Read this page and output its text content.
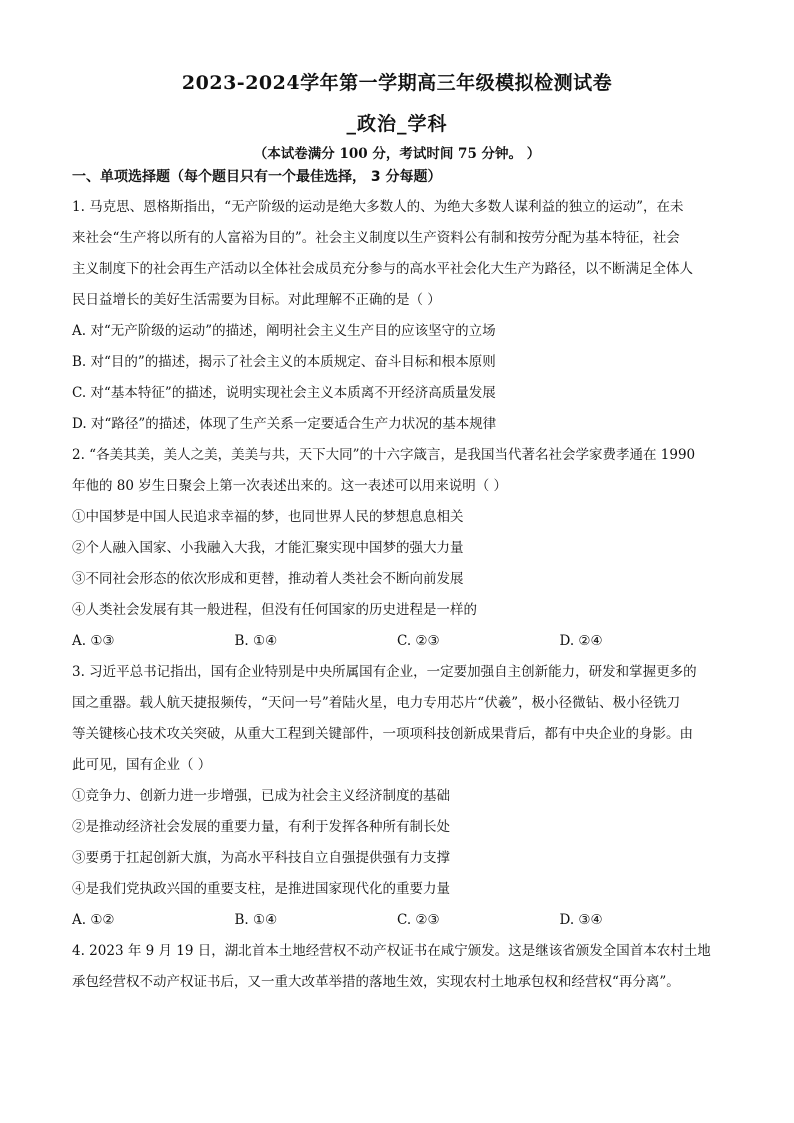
2023-2024学年第一学期高三年级模拟检测试卷
_政治_学科
（本试卷满分 100 分，考试时间 75 分钟。 ）
一、单项选择题（每个题目只有一个最佳选择， 3 分每题）

1. 马克思、恩格斯指出，“无产阶级的运动是绝大多数人的、为绝大多数人谋利益的独立的运动”，在未

来社会“生产将以所有的人富裕为目的”。社会主义制度以生产资料公有制和按劳分配为基本特征，社会

主义制度下的社会再生产活动以全体社会成员充分参与的高水平社会化大生产为路径，以不断满足全体人

民日益增长的美好生活需要为目标。对此理解不正确的是（ ）

A. 对“无产阶级的运动”的描述，阐明社会主义生产目的应该坚守的立场

B. 对“目的”的描述，揭示了社会主义的本质规定、奋斗目标和根本原则

C. 对“基本特征”的描述，说明实现社会主义本质离不开经济高质量发展

D. 对“路径”的描述，体现了生产关系一定要适合生产力状况的基本规律

2. “各美其美，美人之美，美美与共，天下大同”的十六字箴言，是我国当代著名社会学家费孝通在 1990

年他的 80 岁生日聚会上第一次表述出来的。这一表述可以用来说明（ ）

①中国梦是中国人民追求幸福的梦，也同世界人民的梦想息息相关

②个人融入国家、小我融入大我，才能汇聚实现中国梦的强大力量

③不同社会形态的依次形成和更替，推动着人类社会不断向前发展

④人类社会发展有其一般进程，但没有任何国家的历史进程是一样的

A. ①③	B. ①④	C. ②③	D. ②④

3. 习近平总书记指出，国有企业特别是中央所属国有企业，一定要加强自主创新能力，研发和掌握更多的

国之重器。载人航天捷报频传，“天问一号”着陆火星，电力专用芯片“伏羲”，极小径微钻、极小径铣刀

等关键核心技术攻关突破，从重大工程到关键部件，一项项科技创新成果背后，都有中央企业的身影。由

此可见，国有企业（ ）

①竞争力、创新力进一步增强，已成为社会主义经济制度的基础

②是推动经济社会发展的重要力量，有利于发挥各种所有制长处

③要勇于扛起创新大旗，为高水平科技自立自强提供强有力支撑

④是我们党执政兴国的重要支柱，是推进国家现代化的重要力量

A. ①②	B. ①④	C. ②③	D. ③④

4. 2023 年 9 月 19 日，湖北首本土地经营权不动产权证书在咸宁颁发。这是继该省颁发全国首本农村土地

承包经营权不动产权证书后，又一重大改革举措的落地生效，实现农村土地承包权和经营权“再分离”。
